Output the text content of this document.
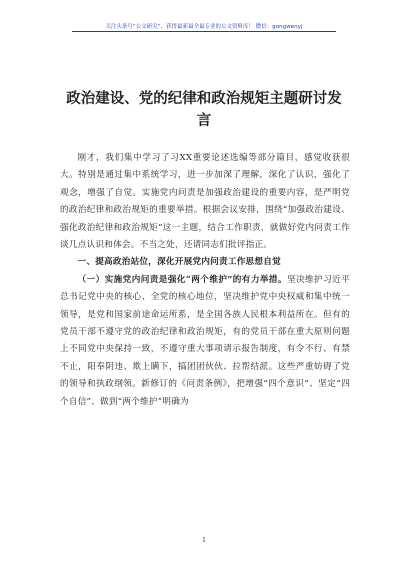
关注头条号“公文研究”，获得最新最全最专业的公文资料库！ 微信：gongwenyj
政治建设、党的纪律和政治规矩主题研讨发言

刚才，我们集中学习了习XX重要论述选编等部分篇目，感觉收获很大。特别是通过集中系统学习，进一步加深了理解，深化了认识，强化了观念，增强了自觉。实施党内问责是加强政治建设的重要内容，是严明党的政治纪律和政治规矩的重要举措。根据会议安排，围绕“加强政治建设、强化政治纪律和政治规矩”这一主题，结合工作职责，就做好党内问责工作谈几点认识和体会。不当之处，还请同志们批评指正。

一、提高政治站位，深化开展党内问责工作思想自觉

（一）实施党内问责是强化“两个维护”的有力举措。坚决维护习近平总书记党中央的核心、全党的核心地位，坚决维护党中央权威和集中统一领导，是党和国家前途命运所系，是全国各族人民根本利益所在。但有的党员干部不遵守党的政治纪律和政治规矩，有的党员干部在重大原则问题上不同党中央保持一致，不遵守重大事项请示报告制度，有令不行、有禁不止，阳奉阴违、欺上瞒下，搞团团伙伙、拉帮结派。这些严重妨碍了党的领导和执政纲领。新修订的《问责条例》，把增强“四个意识”、坚定“四个自信”、做到“两个维护”明确为

1
